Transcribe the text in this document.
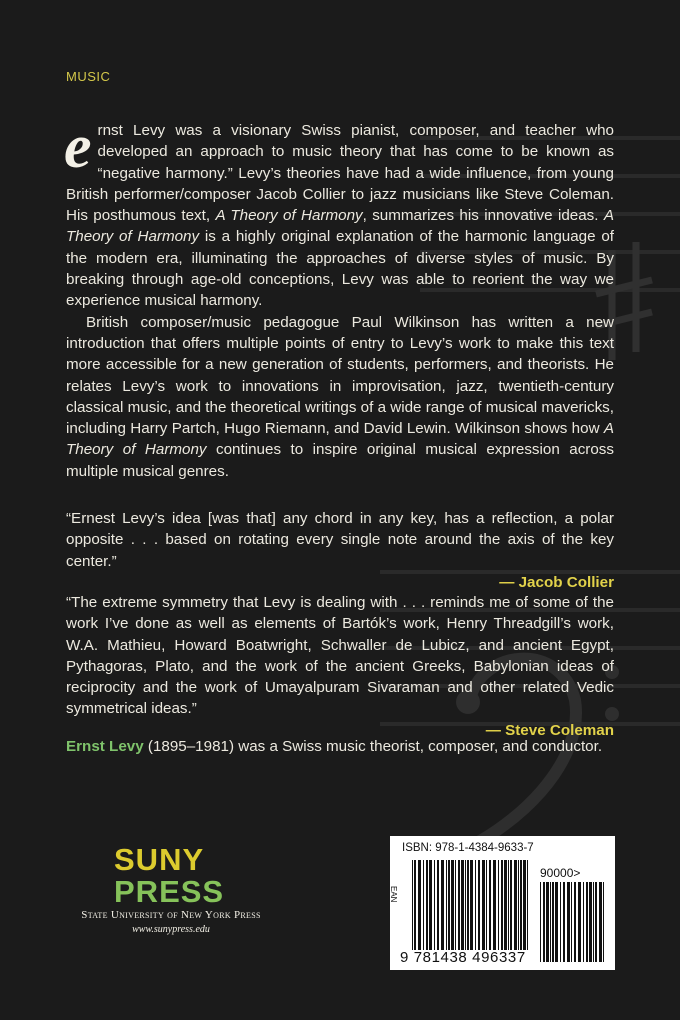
MUSIC

ernst Levy was a visionary Swiss pianist, composer, and teacher who developed an approach to music theory that has come to be known as “negative harmony.” Levy’s theories have had a wide influence, from young British performer/composer Jacob Collier to jazz musicians like Steve Coleman. His posthumous text, A Theory of Harmony, summarizes his innovative ideas. A Theory of Harmony is a highly original explanation of the harmonic language of the modern era, illuminating the approaches of diverse styles of music. By breaking through age-old conceptions, Levy was able to reorient the way we experience musical harmony.

British composer/music pedagogue Paul Wilkinson has written a new introduction that offers multiple points of entry to Levy’s work to make this text more accessible for a new generation of students, performers, and theorists. He relates Levy’s work to innovations in improvisation, jazz, twentieth-century classical music, and the theoretical writings of a wide range of musical mavericks, including Harry Partch, Hugo Riemann, and David Lewin. Wilkinson shows how A Theory of Harmony continues to inspire original musical expression across multiple musical genres.

“Ernest Levy’s idea [was that] any chord in any key, has a reflection, a polar opposite . . . based on rotating every single note around the axis of the key center.”
— Jacob Collier
“The extreme symmetry that Levy is dealing with . . . reminds me of some of the work I’ve done as well as elements of Bartók’s work, Henry Threadgill’s work, W.A. Mathieu, Howard Boatwright, Schwaller de Lubicz, and ancient Egypt, Pythagoras, Plato, and the work of the ancient Greeks, Babylonian ideas of reciprocity and the work of Umayalpuram Sivaraman and other related Vedic symmetrical ideas.”
— Steve Coleman
Ernst Levy (1895–1981) was a Swiss music theorist, composer, and conductor.
SUNY
PRESS
State University of New York Press
www.sunypress.edu
ISBN: 978-1-4384-9633-7
90000>
EAN
9 781438 496337
